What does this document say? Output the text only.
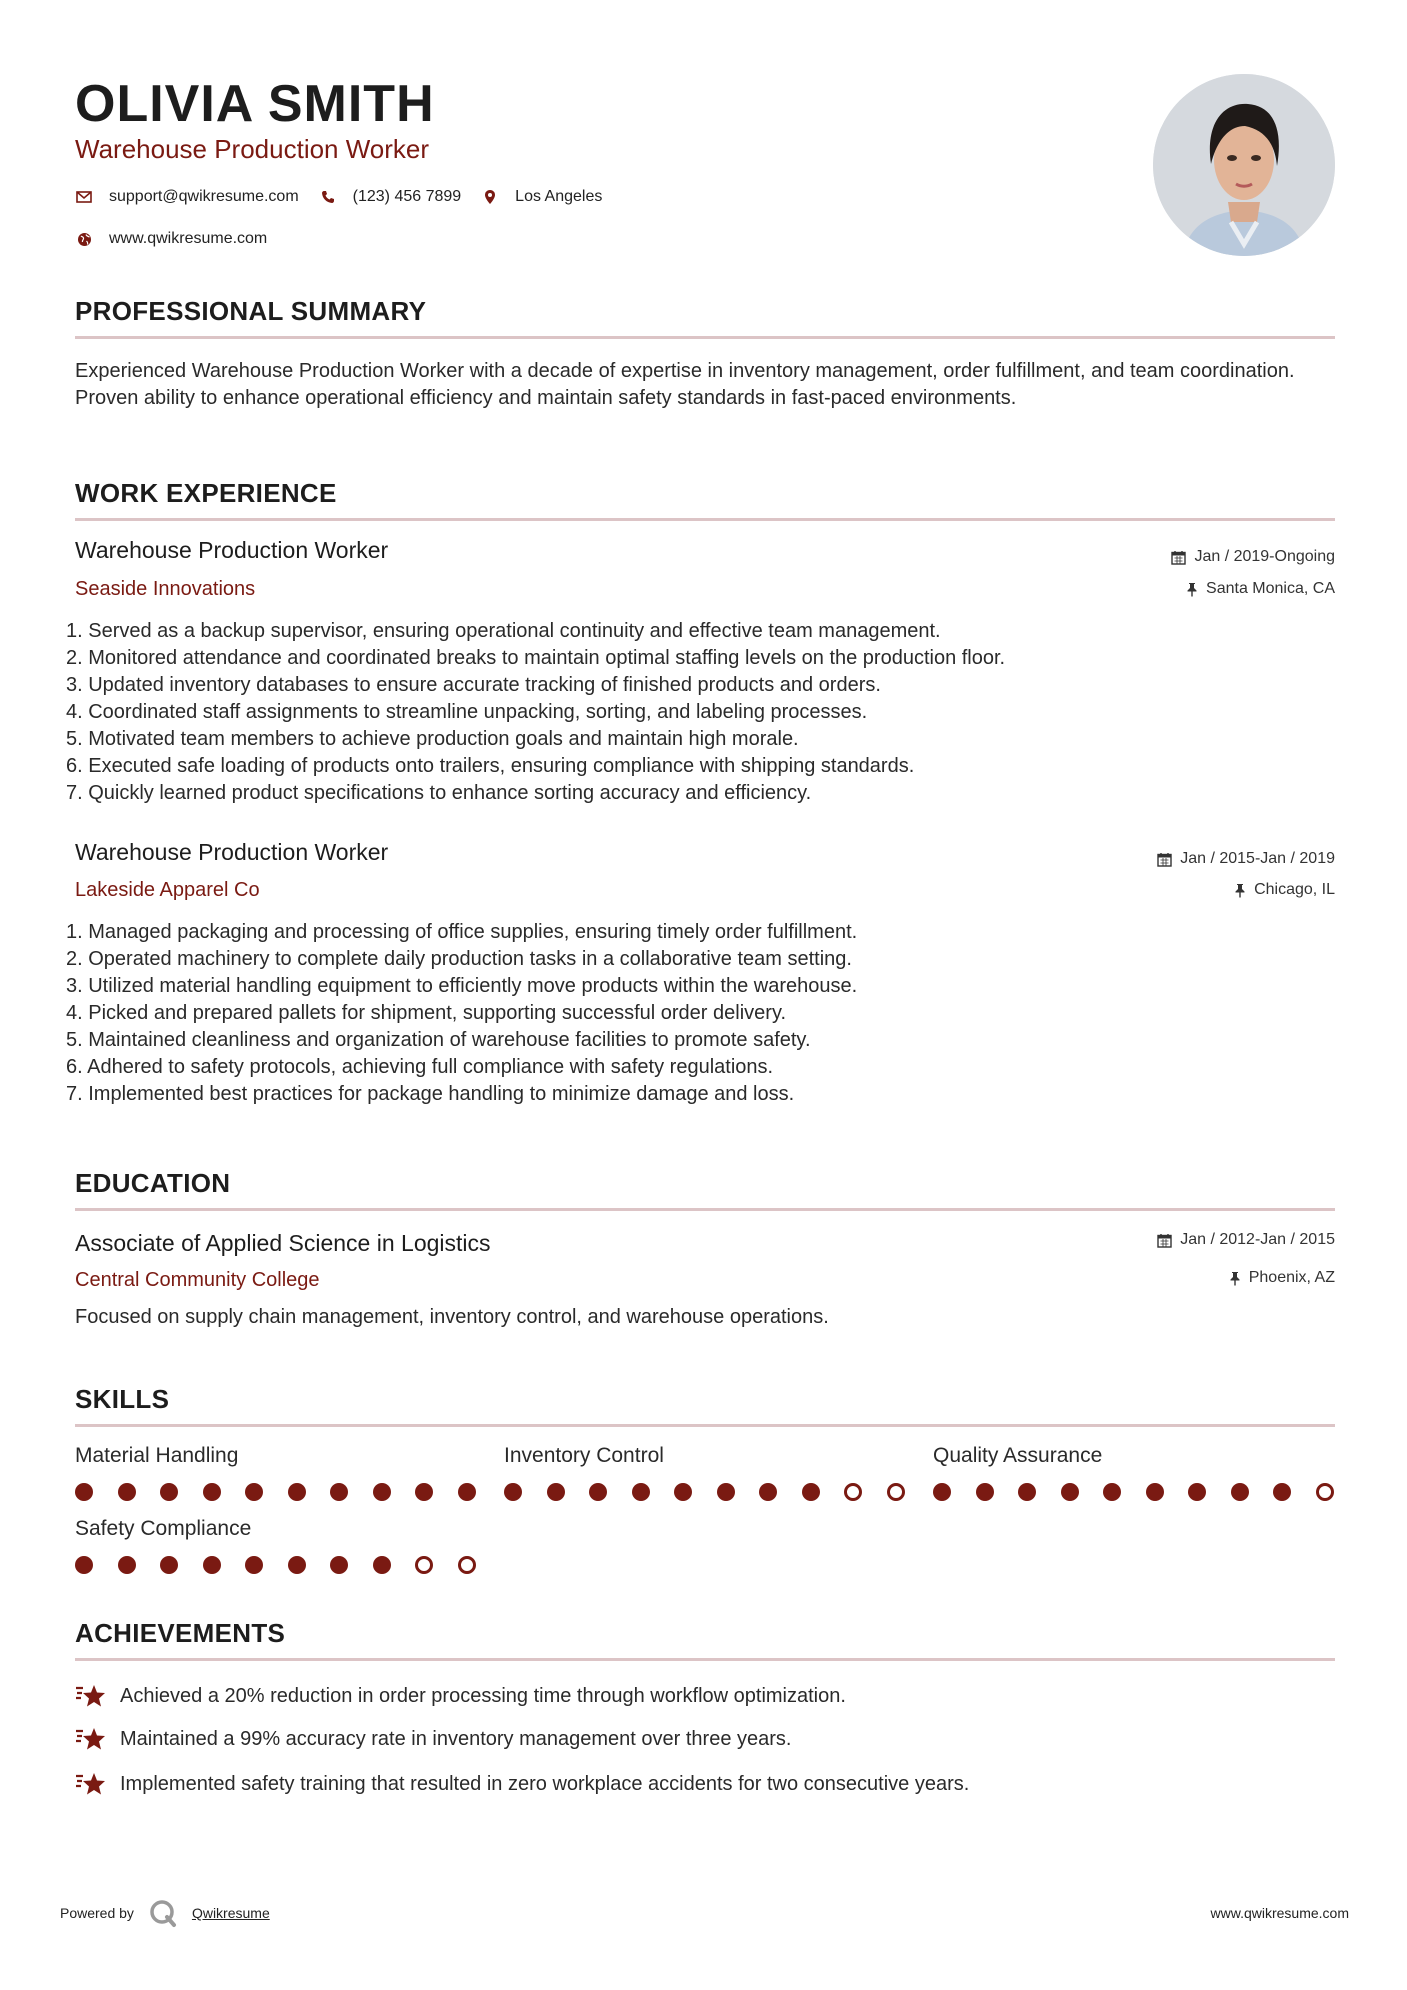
OLIVIA SMITH
Warehouse Production Worker
support@qwikresume.com	(123) 456 7899	Los Angeles
www.qwikresume.com
PROFESSIONAL SUMMARY
Experienced Warehouse Production Worker with a decade of expertise in inventory management, order fulfillment, and team coordination. Proven ability to enhance operational efficiency and maintain safety standards in fast-paced environments.
WORK EXPERIENCE
Warehouse Production Worker
Seaside Innovations
Jan / 2019-Ongoing
Santa Monica, CA
1. Served as a backup supervisor, ensuring operational continuity and effective team management.
2. Monitored attendance and coordinated breaks to maintain optimal staffing levels on the production floor.
3. Updated inventory databases to ensure accurate tracking of finished products and orders.
4. Coordinated staff assignments to streamline unpacking, sorting, and labeling processes.
5. Motivated team members to achieve production goals and maintain high morale.
6. Executed safe loading of products onto trailers, ensuring compliance with shipping standards.
7. Quickly learned product specifications to enhance sorting accuracy and efficiency.
Warehouse Production Worker
Lakeside Apparel Co
Jan / 2015-Jan / 2019
Chicago, IL
1. Managed packaging and processing of office supplies, ensuring timely order fulfillment.
2. Operated machinery to complete daily production tasks in a collaborative team setting.
3. Utilized material handling equipment to efficiently move products within the warehouse.
4. Picked and prepared pallets for shipment, supporting successful order delivery.
5. Maintained cleanliness and organization of warehouse facilities to promote safety.
6. Adhered to safety protocols, achieving full compliance with safety regulations.
7. Implemented best practices for package handling to minimize damage and loss.
EDUCATION
Associate of Applied Science in Logistics
Central Community College
Jan / 2012-Jan / 2015
Phoenix, AZ
Focused on supply chain management, inventory control, and warehouse operations.
SKILLS
Material Handling	Inventory Control	Quality Assurance
Safety Compliance
ACHIEVEMENTS
Achieved a 20% reduction in order processing time through workflow optimization.
Maintained a 99% accuracy rate in inventory management over three years.
Implemented safety training that resulted in zero workplace accidents for two consecutive years.
Powered by	Qwikresume	www.qwikresume.com
